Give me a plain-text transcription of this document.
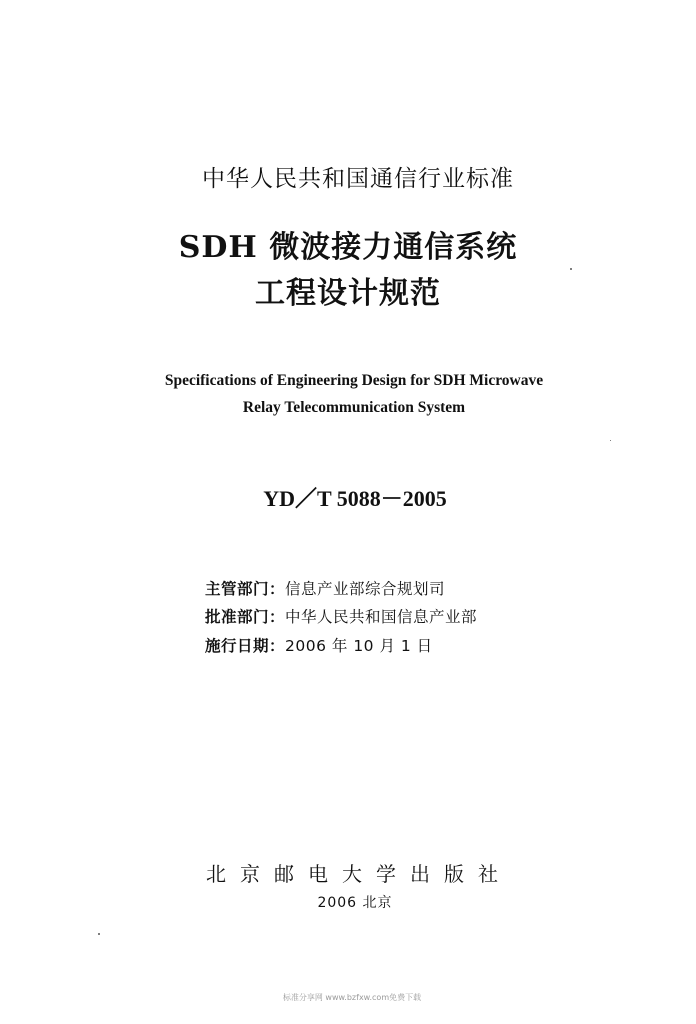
中华人民共和国通信行业标准
SDH 微波接力通信系统
工程设计规范
Specifications of Engineering Design for SDH Microwave
Relay Telecommunication System
YD／T 5088－2005
主管部门：信息产业部综合规划司
批准部门：中华人民共和国信息产业部
施行日期：2006 年 10 月 1 日
北京邮电大学出版社
2006 北京
标准分享网 www.bzfxw.com免费下载
